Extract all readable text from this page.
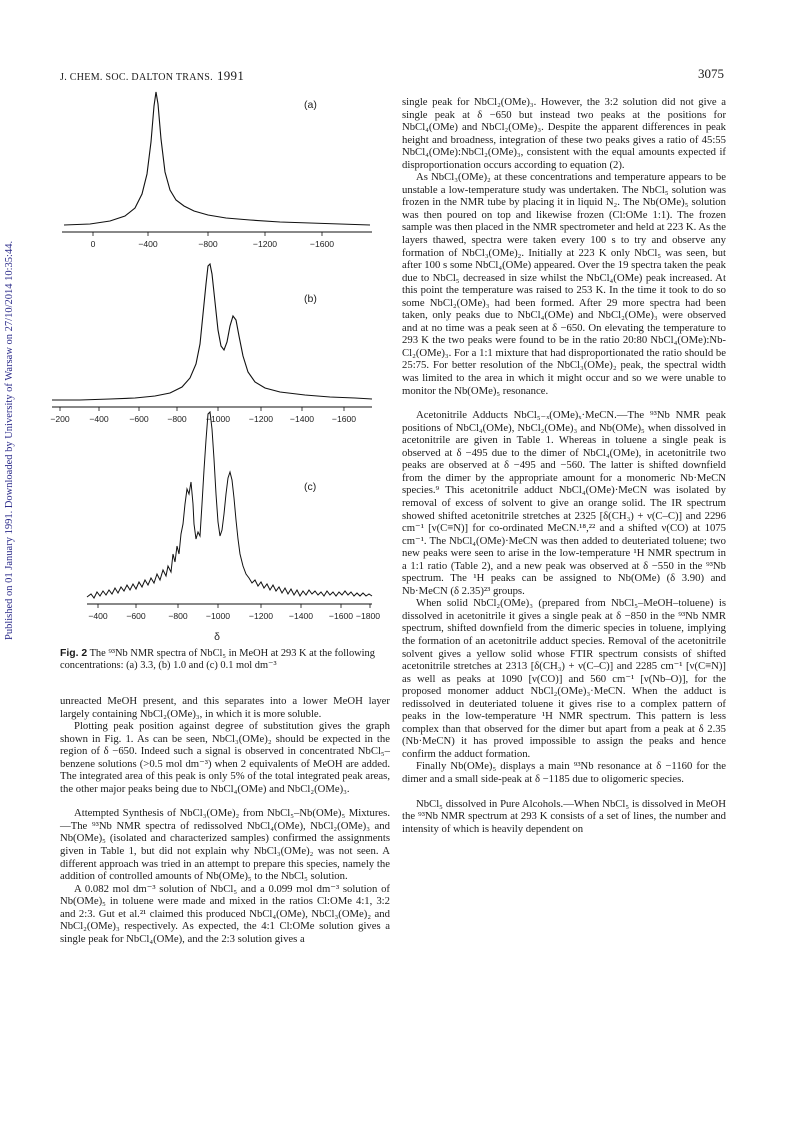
J. CHEM. SOC. DALTON TRANS. 1991	3075
Published on 01 January 1991. Downloaded by University of Warsaw on 27/10/2014 10:35:44.	0	−400	−800	−1200	−1600
(a)
−200 −400 −600 −800 −1000 −1200 −1400 −1600
(b)
−400 −600	−800 −1000 −1200 −1400 −1600 −1800
(c)
δ
Fig. 2 The ⁹³Nb NMR spectra of NbCl₅ in MeOH at 293 K at the following concentrations: (a) 3.3, (b) 1.0 and (c) 0.1 mol dm⁻³

unreacted MeOH present, and this separates into a lower MeOH layer largely containing NbCl₂(OMe)₃, in which it is more soluble.

Plotting peak position against degree of substitution gives the graph shown in Fig. 1. As can be seen, NbCl₃(OMe)₂ should be expected in the region of δ −650. Indeed such a signal is observed in concentrated NbCl₅–benzene solutions (>0.5 mol dm⁻³) when 2 equivalents of MeOH are added. The integrated area of this peak is only 5% of the total integrated peak areas, the other major peaks being due to NbCl₄(OMe) and NbCl₂(OMe)₃.

Attempted Synthesis of NbCl₃(OMe)₂ from NbCl₅–Nb(OMe)₅ Mixtures.—The ⁹³Nb NMR spectra of redissolved NbCl₄(OMe), NbCl₂(OMe)₃ and Nb(OMe)₅ (isolated and characterized samples) confirmed the assignments given in Table 1, but did not explain why NbCl₃(OMe)₂ was not seen. A different approach was tried in an attempt to prepare this species, namely the addition of controlled amounts of Nb(OMe)₅ to the NbCl₅ solution.

A 0.082 mol dm⁻³ solution of NbCl₅ and a 0.099 mol dm⁻³ solution of Nb(OMe)₅ in toluene were made and mixed in the ratios Cl:OMe 4:1, 3:2 and 2:3. Gut et al.²¹ claimed this produced NbCl₄(OMe), NbCl₃(OMe)₂ and NbCl₂(OMe)₃ respectively. As expected, the 4:1 Cl:OMe solution gives a single peak for NbCl₄(OMe), and the 2:3 solution gives a

single peak for NbCl₂(OMe)₃. However, the 3:2 solution did not give a single peak at δ −650 but instead two peaks at the positions for NbCl₄(OMe) and NbCl₂(OMe)₃. Despite the apparent differences in peak height and broadness, integration of these two peaks gives a ratio of 45:55 NbCl₄(OMe):NbCl₂(OMe)₃, consistent with the equal amounts expected if disproportionation occurs according to equation (2).

As NbCl₃(OMe)₂ at these concentrations and temperature appears to be unstable a low-temperature study was undertaken. The NbCl₅ solution was frozen in the NMR tube by placing it in liquid N₂. The Nb(OMe)₅ solution was then poured on top and likewise frozen (Cl:OMe 1:1). The frozen sample was then placed in the NMR spectrometer and held at 223 K. As the layers thawed, spectra were taken every 100 s to try and observe any formation of NbCl₃(OMe)₂. Initially at 223 K only NbCl₅ was seen, but after 100 s some NbCl₄(OMe) appeared. Over the 19 spectra taken the peak due to NbCl₅ decreased in size whilst the NbCl₄(OMe) peak increased. At this point the temperature was raised to 253 K. In the time it took to do so some NbCl₂(OMe)₃ had been formed. After 29 more spectra had been taken, only peaks due to NbCl₄(OMe) and NbCl₂(OMe)₃ were observed and at no time was a peak seen at δ −650. On elevating the temperature to 293 K the two peaks were found to be in the ratio 20:80 NbCl₄(OMe):Nb-Cl₂(OMe)₃. For a 1:1 mixture that had disproportionated the ratio should be 25:75. For better resolution of the NbCl₃(OMe)₂ peak, the spectral width was limited to the area in which it might occur and so we were unable to monitor the Nb(OMe)₅ resonance.

Acetonitrile Adducts NbCl₅₋ₓ(OMe)ₓ·MeCN.—The ⁹³Nb NMR peak positions of NbCl₄(OMe), NbCl₂(OMe)₃ and Nb(OMe)₅ when dissolved in acetonitrile are given in Table 1. Whereas in toluene a single peak is observed at δ −495 due to the dimer of NbCl₄(OMe), in acetonitrile two peaks are observed at δ −495 and −560. The latter is shifted downfield from the dimer by the appropriate amount for a monomeric Nb·MeCN species.⁹ This acetonitrile adduct NbCl₄(OMe)·MeCN was isolated by removal of excess of solvent to give an orange solid. The IR spectrum showed shifted acetonitrile stretches at 2325 [δ(CH₃) + ν(C–C)] and 2296 cm⁻¹ [ν(C≡N)] for co-ordinated MeCN.¹⁸,²² and a shifted ν(CO) at 1075 cm⁻¹. The NbCl₄(OMe)·MeCN was then added to deuteriated toluene; two new peaks were seen to arise in the low-temperature ¹H NMR spectrum in a 1:1 ratio (Table 2), and a new peak was observed at δ −550 in the ⁹³Nb spectrum. The ¹H peaks can be assigned to Nb(OMe) (δ 3.90) and Nb·MeCN (δ 2.35)²³ groups.

When solid NbCl₂(OMe)₃ (prepared from NbCl₅–MeOH–toluene) is dissolved in acetonitrile it gives a single peak at δ −850 in the ⁹³Nb NMR spectrum, shifted downfield from the dimeric species in toluene, implying the formation of an acetonitrile adduct species. Removal of the acetonitrile solvent gives a yellow solid whose FTIR spectrum consists of shifted acetonitrile stretches at 2313 [δ(CH₃) + ν(C–C)] and 2285 cm⁻¹ [ν(C≡N)] as well as peaks at 1090 [ν(CO)] and 560 cm⁻¹ [ν(Nb–O)], for the proposed monomer adduct NbCl₂(OMe)₃·MeCN. When the adduct is redissolved in deuteriated toluene it gives rise to a complex pattern of peaks in the low-temperature ¹H NMR spectrum. This pattern is less complex than that observed for the dimer but apart from a peak at δ 2.35 (Nb·MeCN) it has proved impossible to assign the peaks and hence confirm the adduct formation.

Finally Nb(OMe)₅ displays a main ⁹³Nb resonance at δ −1160 for the dimer and a small side-peak at δ −1185 due to oligomeric species.

NbCl₅ dissolved in Pure Alcohols.—When NbCl₅ is dissolved in MeOH the ⁹³Nb NMR spectrum at 293 K consists of a set of lines, the number and intensity of which is heavily dependent on
